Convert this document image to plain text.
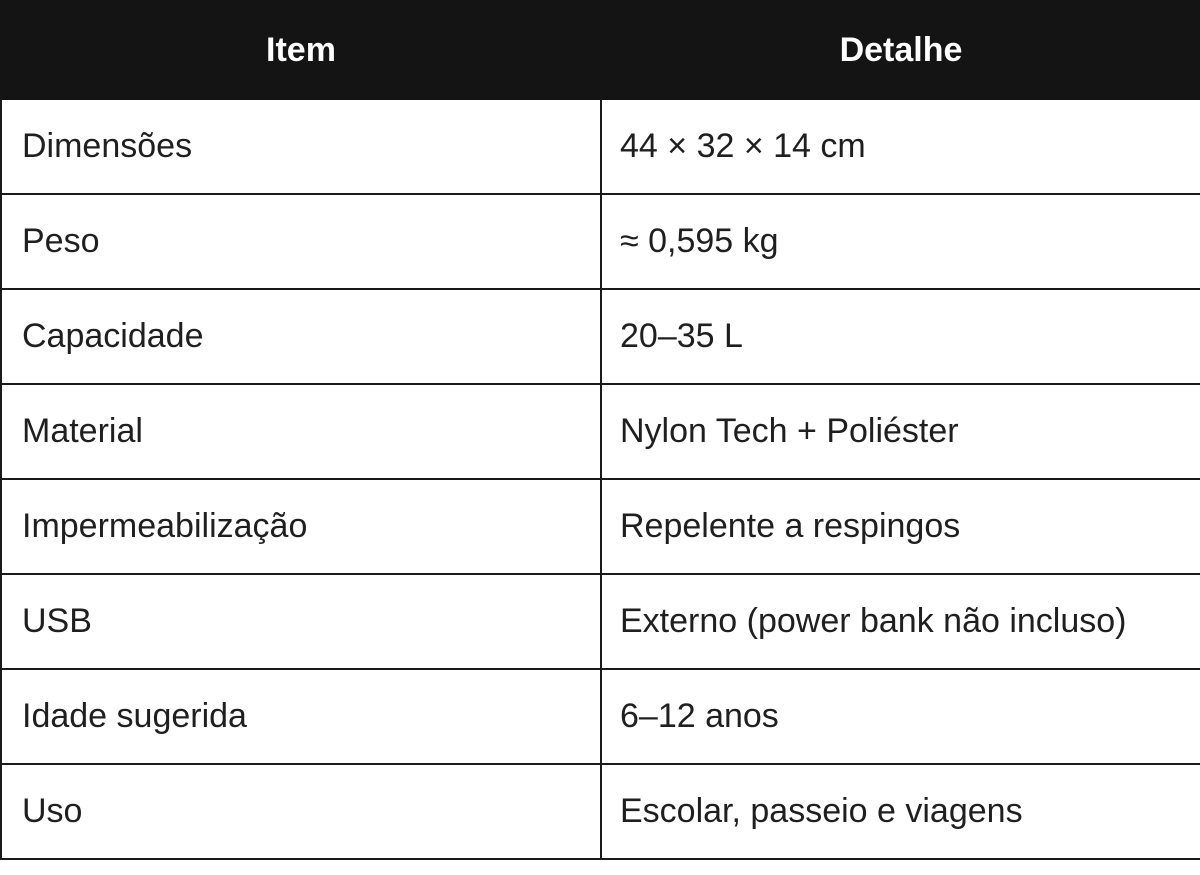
Item	Detalhe
Dimensões	44 × 32 × 14 cm
Peso	≈ 0,595 kg
Capacidade	20–35 L
Material	Nylon Tech + Poliéster
Impermeabilização	Repelente a respingos
USB	Externo (power bank não incluso)
Idade sugerida	6–12 anos
Uso	Escolar, passeio e viagens
